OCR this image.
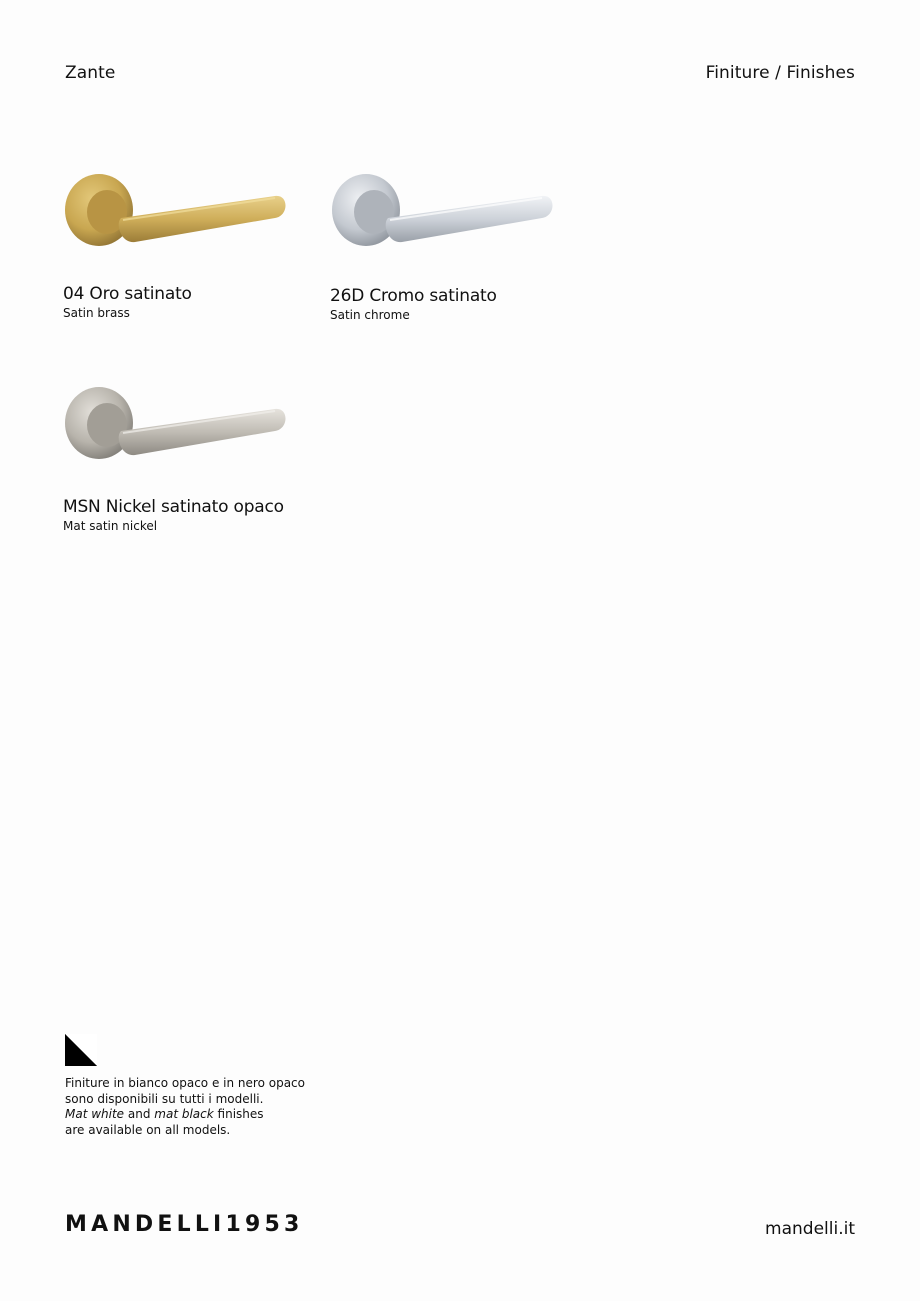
Zante	Finiture / Finishes
04 Oro satinato
Satin brass
26D Cromo satinato
Satin chrome
MSN Nickel satinato opaco
Mat satin nickel
Finiture in bianco opaco e in nero opaco
sono disponibili su tutti i modelli.
Mat white and mat black finishes
are available on all models.
MANDELLI1953	mandelli.it
